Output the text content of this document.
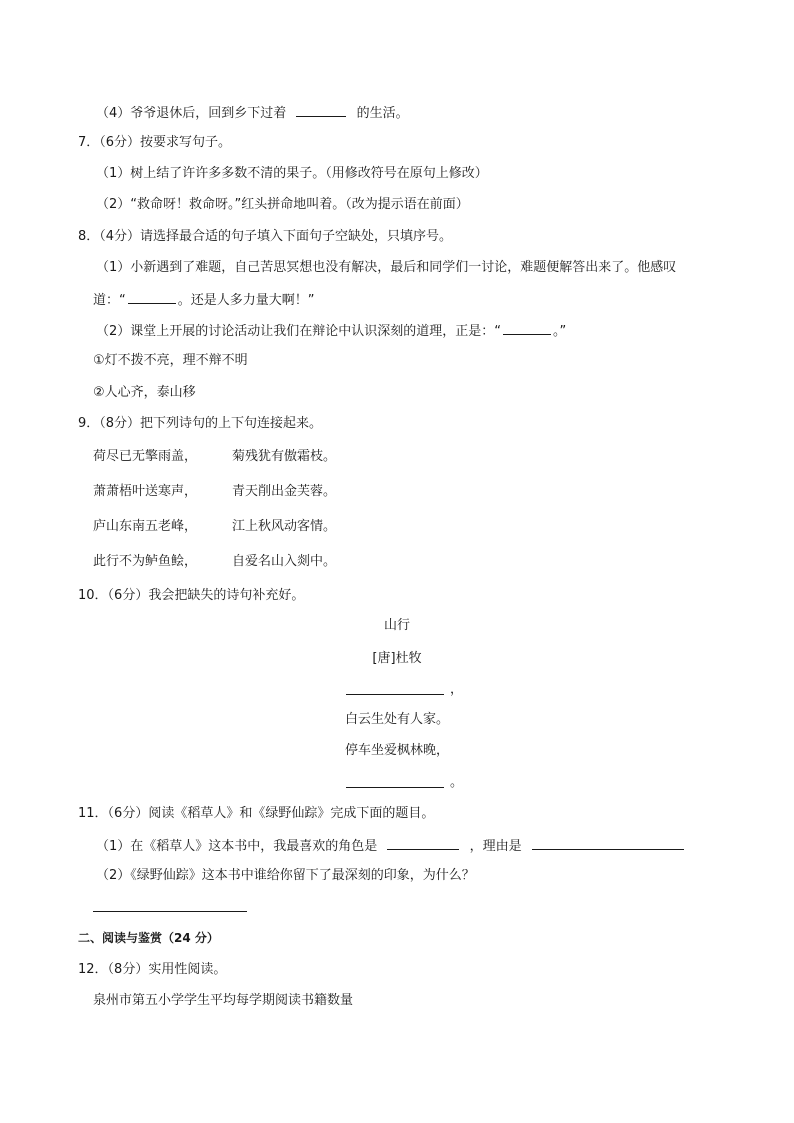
（4）爷爷退休后，回到乡下过着	的生活。
7．（6分）按要求写句子。
（1）树上结了许许多多数不清的果子。（用修改符号在原句上修改）
（2）“救命呀！救命呀。”红头拼命地叫着。（改为提示语在前面）
8．（4分）请选择最合适的句子填入下面句子空缺处，只填序号。
（1）小新遇到了难题，自己苦思冥想也没有解决，最后和同学们一讨论，难题便解答出来了。他感叹
道：“	。还是人多力量大啊！”
（2）课堂上开展的讨论活动让我们在辩论中认识深刻的道理，正是：“	。”
①灯不拨不亮，理不辩不明
②人心齐，泰山移
9．（8分）把下列诗句的上下句连接起来。
荷尽已无擎雨盖，	菊残犹有傲霜枝。
萧萧梧叶送寒声，	青天削出金芙蓉。
庐山东南五老峰，	江上秋风动客情。
此行不为鲈鱼鲙，	自爱名山入剡中。
10．（6分）我会把缺失的诗句补充好。
山行
[唐]杜牧
，
白云生处有人家。
停车坐爱枫林晚，
。
11．（6分）阅读《稻草人》和《绿野仙踪》完成下面的题目。
（1）在《稻草人》这本书中，我最喜欢的角色是	，理由是
（2）《绿野仙踪》这本书中谁给你留下了最深刻的印象，为什么？
二、阅读与鉴赏（24 分）
12．（8分）实用性阅读。
泉州市第五小学学生平均每学期阅读书籍数量
